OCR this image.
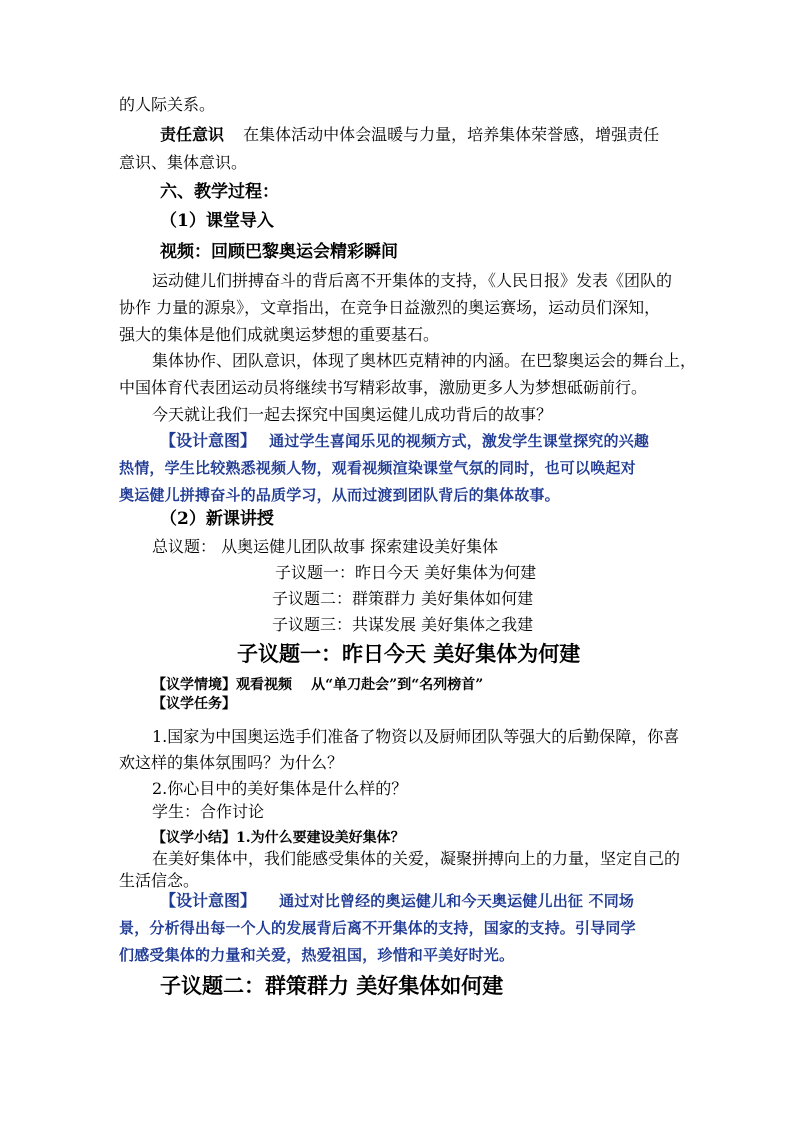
的人际关系。
责任意识 在集体活动中体会温暖与力量，培养集体荣誉感，增强责任
意识、集体意识。
六、教学过程：
（1）课堂导入
视频：回顾巴黎奥运会精彩瞬间
运动健儿们拼搏奋斗的背后离不开集体的支持，《人民日报》发表《团队的
协作 力量的源泉》，文章指出，在竞争日益激烈的奥运赛场，运动员们深知，
强大的集体是他们成就奥运梦想的重要基石。
集体协作、团队意识，体现了奥林匹克精神的内涵。在巴黎奥运会的舞台上，
中国体育代表团运动员将继续书写精彩故事，激励更多人为梦想砥砺前行。
今天就让我们一起去探究中国奥运健儿成功背后的故事？
【设计意图】 通过学生喜闻乐见的视频方式，激发学生课堂探究的兴趣
热情，学生比较熟悉视频人物，观看视频渲染课堂气氛的同时，也可以唤起对
奥运健儿拼搏奋斗的品质学习，从而过渡到团队背后的集体故事。
（2）新课讲授
总议题： 从奥运健儿团队故事 探索建设美好集体
子议题一：昨日今天 美好集体为何建
子议题二：群策群力 美好集体如何建
子议题三：共谋发展 美好集体之我建
子议题一：昨日今天 美好集体为何建
【议学情境】观看视频 从“单刀赴会”到“名列榜首”
【议学任务】
1.国家为中国奥运选手们准备了物资以及厨师团队等强大的后勤保障，你喜
欢这样的集体氛围吗？为什么？
2.你心目中的美好集体是什么样的？
学生：合作讨论
【议学小结】1.为什么要建设美好集体？
在美好集体中，我们能感受集体的关爱，凝聚拼搏向上的力量，坚定自己的
生活信念。
【设计意图】 通过对比曾经的奥运健儿和今天奥运健儿出征 不同场
景，分析得出每一个人的发展背后离不开集体的支持，国家的支持。引导同学
们感受集体的力量和关爱，热爱祖国，珍惜和平美好时光。
子议题二：群策群力 美好集体如何建
